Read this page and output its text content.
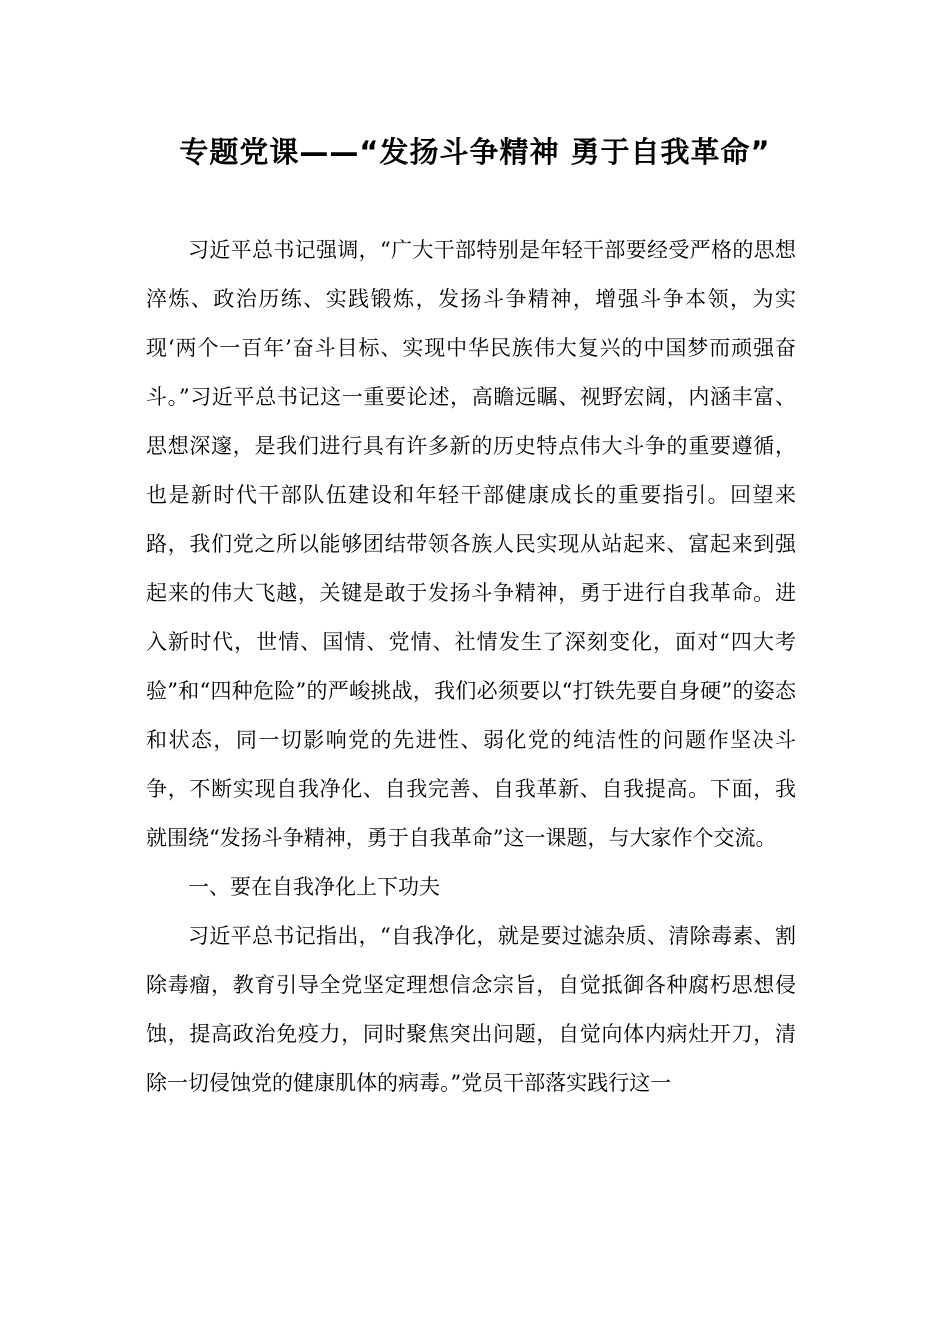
专题党课——“发扬斗争精神 勇于自我革命”

习近平总书记强调，“广大干部特别是年轻干部要经受严格的思想淬炼、政治历练、实践锻炼，发扬斗争精神，增强斗争本领，为实现‘两个一百年’奋斗目标、实现中华民族伟大复兴的中国梦而顽强奋斗。”习近平总书记这一重要论述，高瞻远瞩、视野宏阔，内涵丰富、思想深邃，是我们进行具有许多新的历史特点伟大斗争的重要遵循，也是新时代干部队伍建设和年轻干部健康成长的重要指引。回望来路，我们党之所以能够团结带领各族人民实现从站起来、富起来到强起来的伟大飞越，关键是敢于发扬斗争精神，勇于进行自我革命。进入新时代，世情、国情、党情、社情发生了深刻变化，面对“四大考验”和“四种危险”的严峻挑战，我们必须要以“打铁先要自身硬”的姿态和状态，同一切影响党的先进性、弱化党的纯洁性的问题作坚决斗争，不断实现自我净化、自我完善、自我革新、自我提高。下面，我就围绕“发扬斗争精神，勇于自我革命”这一课题，与大家作个交流。

一、要在自我净化上下功夫

习近平总书记指出，“自我净化，就是要过滤杂质、清除毒素、割除毒瘤，教育引导全党坚定理想信念宗旨，自觉抵御各种腐朽思想侵蚀，提高政治免疫力，同时聚焦突出问题，自觉向体内病灶开刀，清除一切侵蚀党的健康肌体的病毒。”党员干部落实践行这一
